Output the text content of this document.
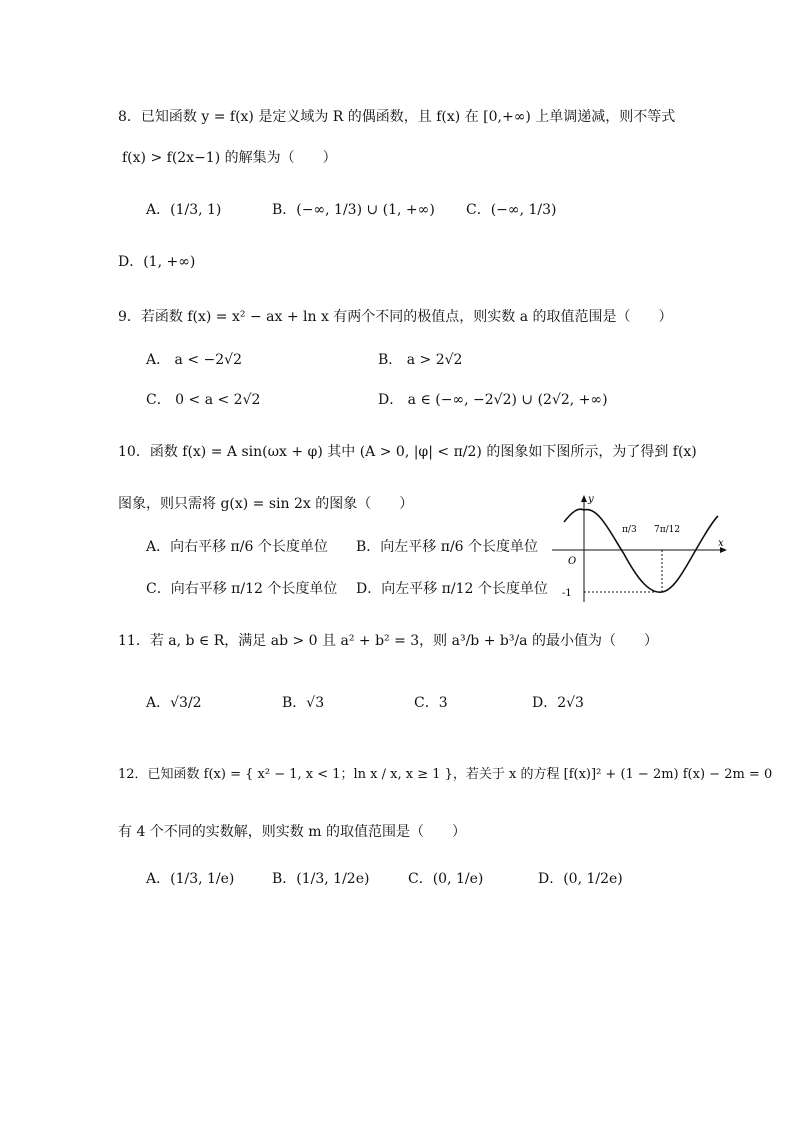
8．已知函数 y = f(x) 是定义域为 R 的偶函数，且 f(x) 在 [0,+∞) 上单调递减，则不等式
f(x) > f(2x−1) 的解集为（　　）
A．(1/3, 1)	B．(−∞, 1/3) ∪ (1, +∞) C．(−∞, 1/3)
D．(1, +∞)
9．若函数 f(x) = x² − ax + ln x 有两个不同的极值点，则实数 a 的取值范围是（　　）
A． a < −2√2	B． a > 2√2
C． 0 < a < 2√2	D． a ∈ (−∞, −2√2) ∪ (2√2, +∞)
10．函数 f(x) = A sin(ωx + φ) 其中 (A > 0, |φ| < π/2) 的图象如下图所示，为了得到 f(x)
图象，则只需将 g(x) = sin 2x 的图象（　　）
A．向右平移 π/6 个长度单位 B．向左平移 π/6 个长度单位
C．向右平移 π/12 个长度单位 D．向左平移 π/12 个长度单位
y
x
O
π/3 7π/12
-1
11．若 a, b ∈ R，满足 ab > 0 且 a² + b² = 3，则 a³/b + b³/a 的最小值为（　　）
A．√3/2	B．√3	C．3	D．2√3
12．已知函数 f(x) = { x² − 1, x < 1；ln x / x, x ≥ 1 }，若关于 x 的方程 [f(x)]² + (1 − 2m) f(x) − 2m = 0
有 4 个不同的实数解，则实数 m 的取值范围是（　　）
A．(1/3, 1/e)	B．(1/3, 1/2e)	C．(0, 1/e)	D．(0, 1/2e)
